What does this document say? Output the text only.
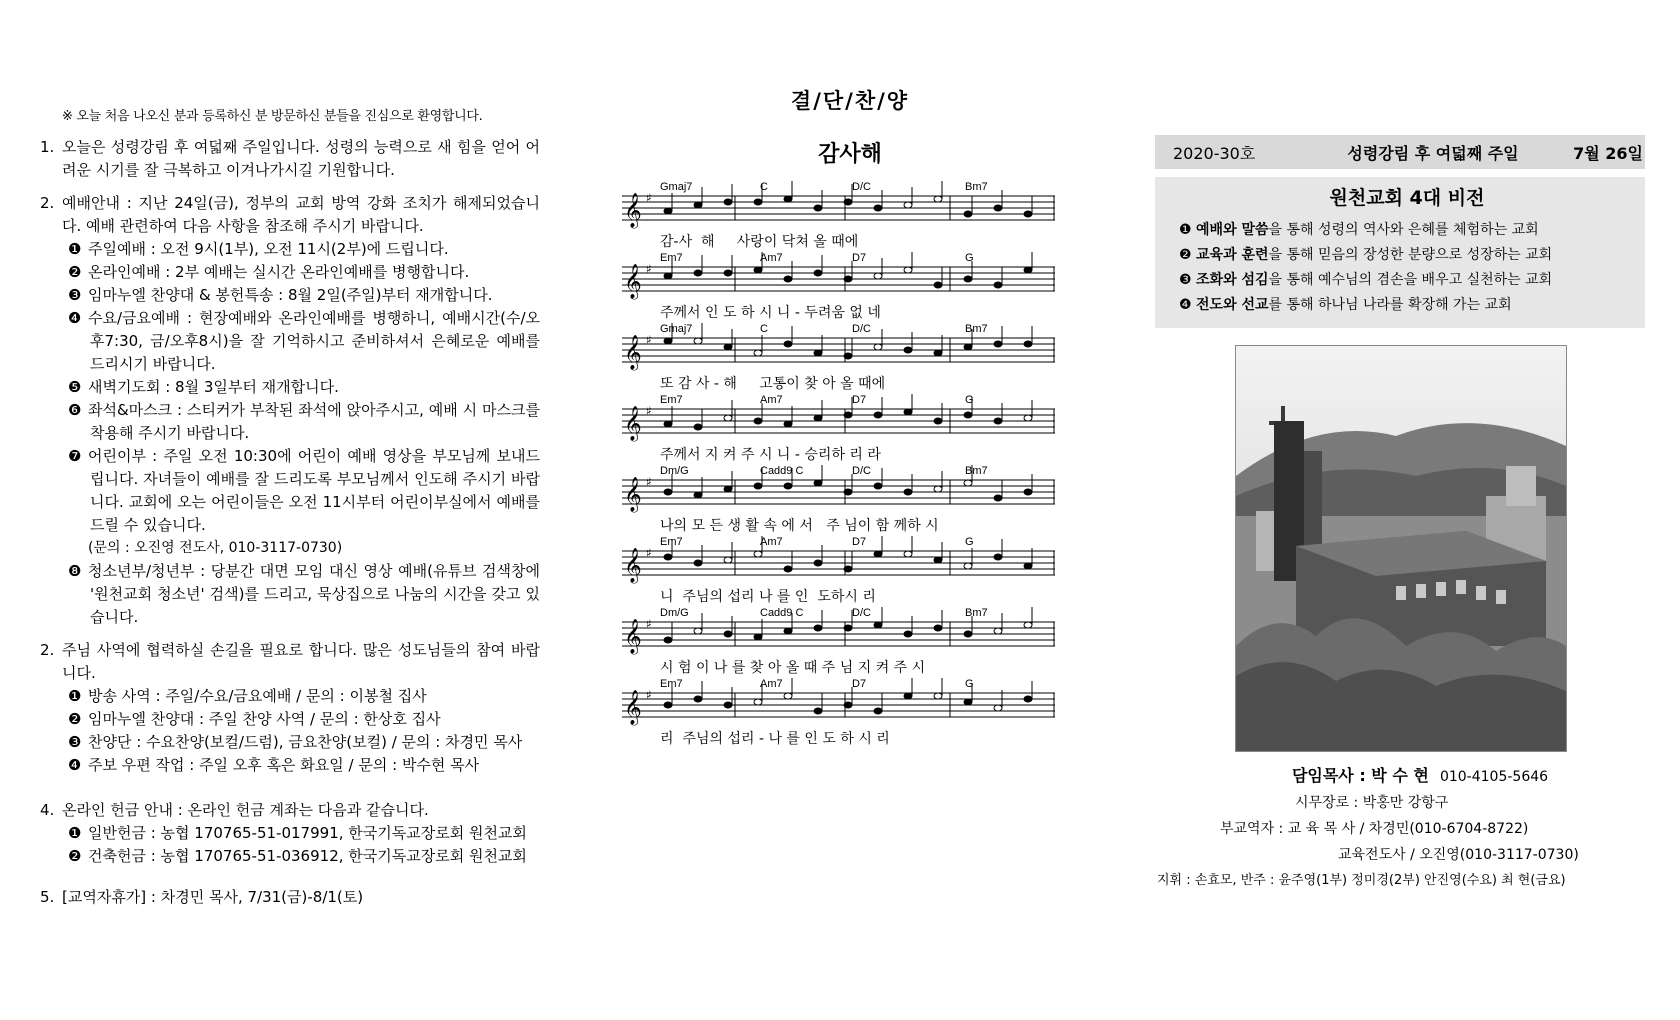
※ 오늘 처음 나오신 분과 등록하신 분 방문하신 분들을 진심으로 환영합니다.
1. 오늘은 성령강림 후 여덟째 주일입니다. 성령의 능력으로 새 힘을 얻어 어려운 시기를 잘 극복하고 이겨나가시길 기원합니다.
2. 예배안내 : 지난 24일(금), 정부의 교회 방역 강화 조치가 해제되었습니다. 예배 관련하여 다음 사항을 참조해 주시기 바랍니다.
❶ 주일예배 : 오전 9시(1부), 오전 11시(2부)에 드립니다.
❷ 온라인예배 : 2부 예배는 실시간 온라인예배를 병행합니다.
❸ 임마누엘 찬양대 & 봉헌특송 : 8월 2일(주일)부터 재개합니다.
❹ 수요/금요예배 : 현장예배와 온라인예배를 병행하니, 예배시간(수/오후7:30, 금/오후8시)을 잘 기억하시고 준비하셔서 은혜로운 예배를 드리시기 바랍니다.
❺ 새벽기도회 : 8월 3일부터 재개합니다.
❻ 좌석&마스크 : 스티커가 부착된 좌석에 앉아주시고, 예배 시 마스크를 착용해 주시기 바랍니다.
❼ 어린이부 : 주일 오전 10:30에 어린이 예배 영상을 부모님께 보내드립니다. 자녀들이 예배를 잘 드리도록 부모님께서 인도해 주시기 바랍니다. 교회에 오는 어린이들은 오전 11시부터 어린이부실에서 예배를 드릴 수 있습니다.
(문의 : 오진영 전도사, 010-3117-0730)
❽ 청소년부/청년부 : 당분간 대면 모임 대신 영상 예배(유튜브 검색창에 '원천교회 청소년' 검색)를 드리고, 묵상집으로 나눔의 시간을 갖고 있습니다.
2. 주님 사역에 협력하실 손길을 필요로 합니다. 많은 성도님들의 참여 바랍니다.
❶ 방송 사역 : 주일/수요/금요예배 / 문의 : 이봉철 집사
❷ 임마누엘 찬양대 : 주일 찬양 사역 / 문의 : 한상호 집사
❸ 찬양단 : 수요찬양(보컬/드럼), 금요찬양(보컬) / 문의 : 차경민 목사
❹ 주보 우편 작업 : 주일 오후 혹은 화요일 / 문의 : 박수현 목사
4. 온라인 헌금 안내 : 온라인 헌금 계좌는 다음과 같습니다.
❶ 일반헌금 : 농협 170765-51-017991, 한국기독교장로회 원천교회
❷ 건축헌금 : 농협 170765-51-036912, 한국기독교장로회 원천교회
5. [교역자휴가] : 차경민 목사, 7/31(금)-8/1(토)
결/단/찬/양
감사해
𝄞 ♯
Gmaj7	C	D/C	Bm7
감-사  해     사랑이 닥쳐 올 때에
𝄞 ♯
Em7	Am7	D7	G
주께서 인 도 하 시 니 - 두려움 없 네
𝄞 ♯
Gmaj7	C	D/C	Bm7
또 감 사 - 해     고통이 찾 아 올 때에
𝄞 ♯
Em7	Am7	D7	G
주께서 지 켜 주 시 니 - 승리하 리 라
𝄞 ♯
Dm/G	Cadd9 C	D/C	Bm7
나의 모 든 생 활 속 에 서   주 님이 함 께하 시
𝄞 ♯
Em7	Am7	D7	G
니  주님의 섭리 나 를 인  도하시 리
𝄞 ♯
Dm/G	Cadd9 C	D/C	Bm7
시 험 이 나 를 찾 아 올 때 주 님 지 켜 주 시
𝄞 ♯
Em7	Am7	D7	G
리  주님의 섭리 - 나 를 인 도 하 시 리
2020-30호	성령강림 후 여덟째 주일	7월 26일
원천교회 4대 비전
❶ 예배와 말씀을 통해 성령의 역사와 은혜를 체험하는 교회
❷ 교육과 훈련을 통해 믿음의 장성한 분량으로 성장하는 교회
❸ 조화와 섬김을 통해 예수님의 겸손을 배우고 실천하는 교회
❹ 전도와 선교를 통해 하나님 나라를 확장해 가는 교회
담임목사 : 박 수 현 010-4105-5646
시무장로 : 박홍만 강항구
부교역자 : 교 육 목 사 / 차경민(010-6704-8722)
교육전도사 / 오진영(010-3117-0730)
지휘 : 손효모, 반주 : 윤주영(1부) 정미경(2부) 안진영(수요) 최 현(금요)
